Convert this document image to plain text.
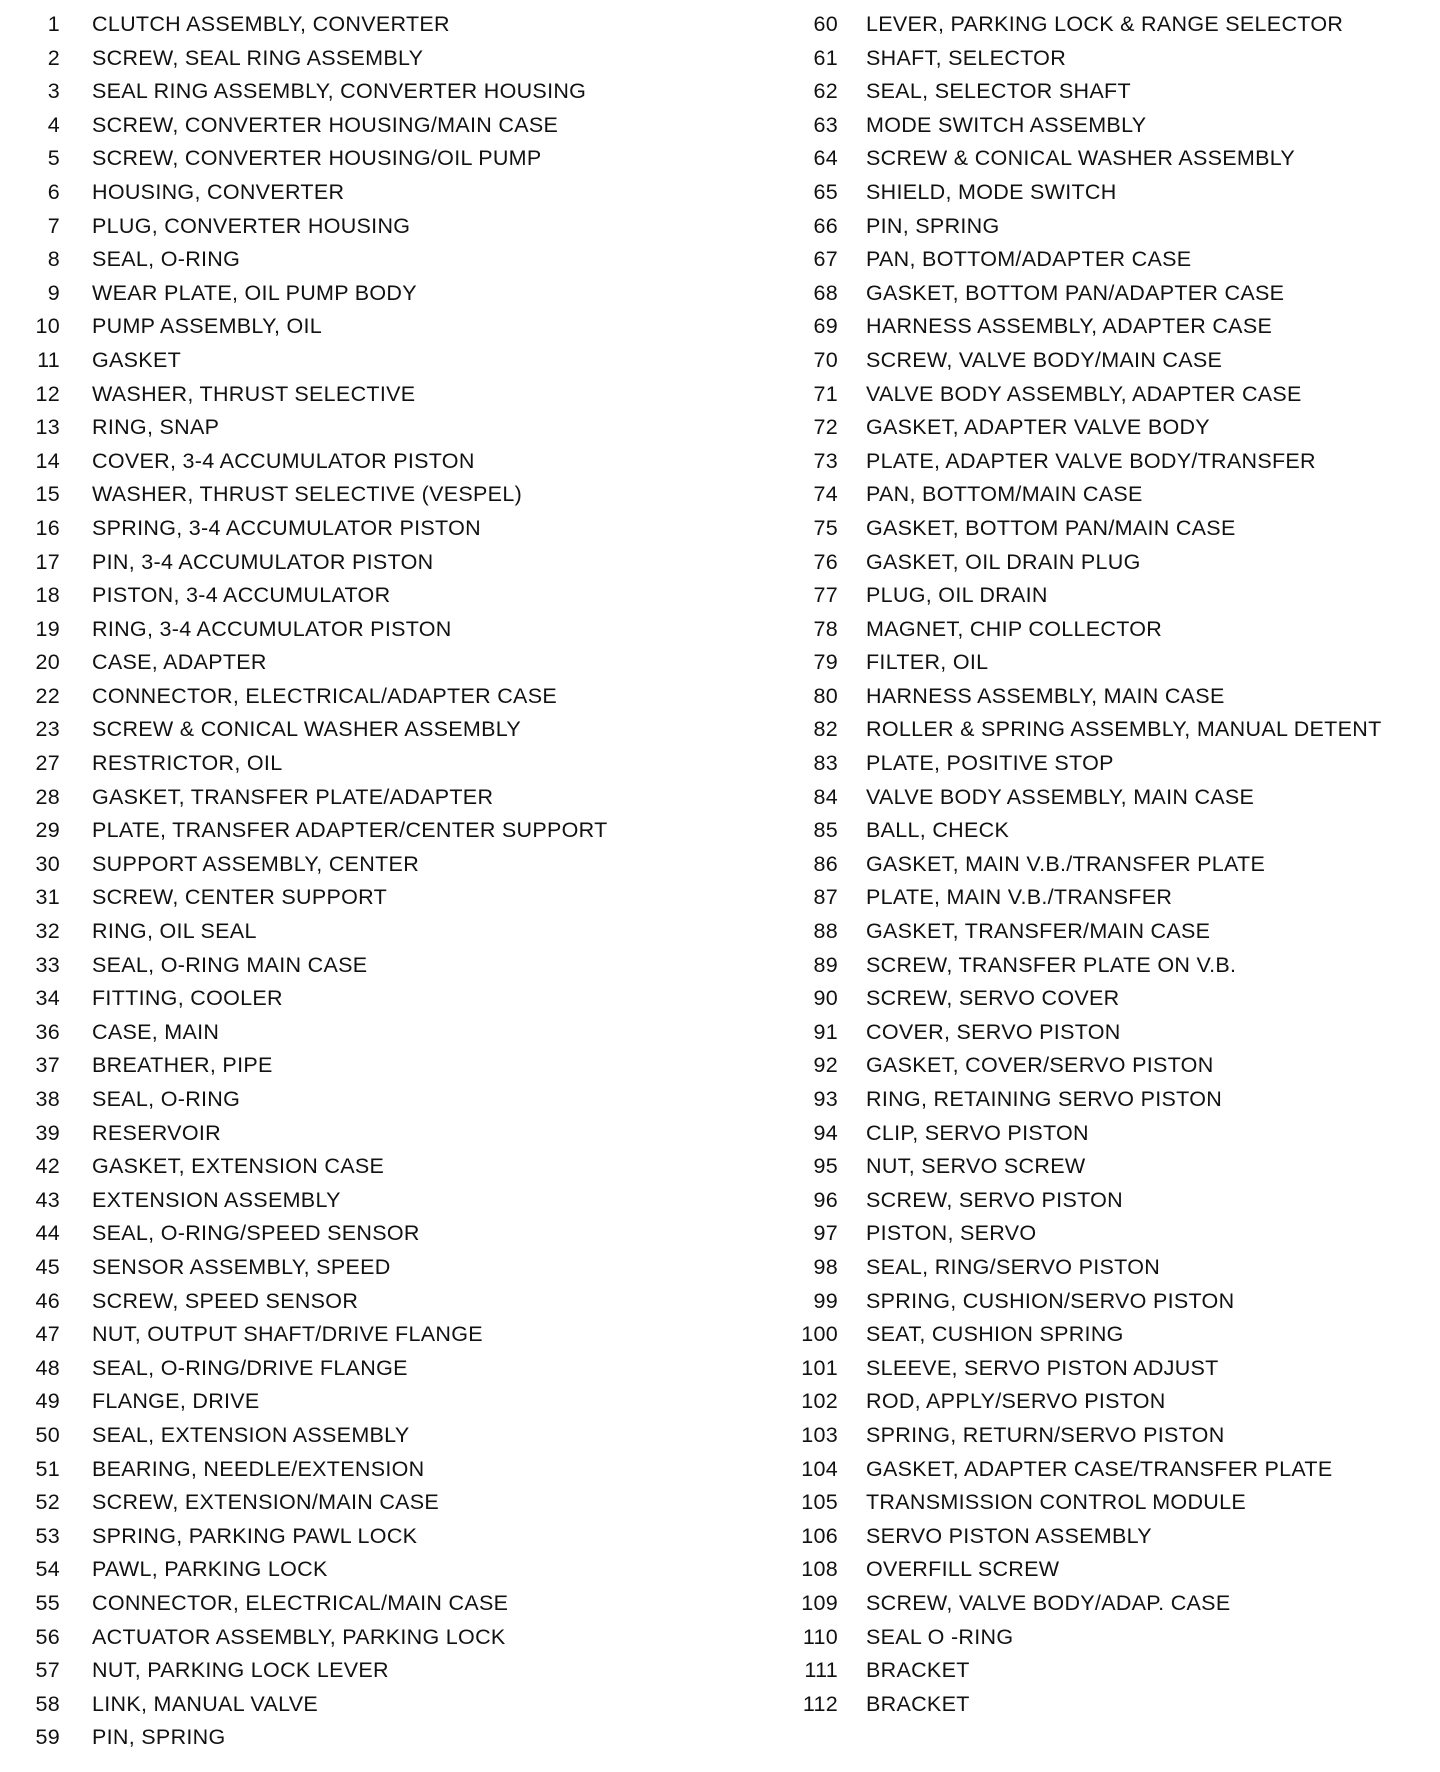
1 CLUTCH ASSEMBLY, CONVERTER
2 SCREW, SEAL RING ASSEMBLY
3 SEAL RING ASSEMBLY, CONVERTER HOUSING
4 SCREW, CONVERTER HOUSING/MAIN CASE
5 SCREW, CONVERTER HOUSING/OIL PUMP
6 HOUSING, CONVERTER
7 PLUG, CONVERTER HOUSING
8 SEAL, O-RING
9 WEAR PLATE, OIL PUMP BODY
10 PUMP ASSEMBLY, OIL
11 GASKET
12 WASHER, THRUST SELECTIVE
13 RING, SNAP
14 COVER, 3-4 ACCUMULATOR PISTON
15 WASHER, THRUST SELECTIVE (VESPEL)
16 SPRING, 3-4 ACCUMULATOR PISTON
17 PIN, 3-4 ACCUMULATOR PISTON
18 PISTON, 3-4 ACCUMULATOR
19 RING, 3-4 ACCUMULATOR PISTON
20 CASE, ADAPTER
22 CONNECTOR, ELECTRICAL/ADAPTER CASE
23 SCREW & CONICAL WASHER ASSEMBLY
27 RESTRICTOR, OIL
28 GASKET, TRANSFER PLATE/ADAPTER
29 PLATE, TRANSFER ADAPTER/CENTER SUPPORT
30 SUPPORT ASSEMBLY, CENTER
31 SCREW, CENTER SUPPORT
32 RING, OIL SEAL
33 SEAL, O-RING MAIN CASE
34 FITTING, COOLER
36 CASE, MAIN
37 BREATHER, PIPE
38 SEAL, O-RING
39 RESERVOIR
42 GASKET, EXTENSION CASE
43 EXTENSION ASSEMBLY
44 SEAL, O-RING/SPEED SENSOR
45 SENSOR ASSEMBLY, SPEED
46 SCREW, SPEED SENSOR
47 NUT, OUTPUT SHAFT/DRIVE FLANGE
48 SEAL, O-RING/DRIVE FLANGE
49 FLANGE, DRIVE
50 SEAL, EXTENSION ASSEMBLY
51 BEARING, NEEDLE/EXTENSION
52 SCREW, EXTENSION/MAIN CASE
53 SPRING, PARKING PAWL LOCK
54 PAWL, PARKING LOCK
55 CONNECTOR, ELECTRICAL/MAIN CASE
56 ACTUATOR ASSEMBLY, PARKING LOCK
57 NUT, PARKING LOCK LEVER
58 LINK, MANUAL VALVE
59 PIN, SPRING
60 LEVER, PARKING LOCK & RANGE SELECTOR
61 SHAFT, SELECTOR
62 SEAL, SELECTOR SHAFT
63 MODE SWITCH ASSEMBLY
64 SCREW & CONICAL WASHER ASSEMBLY
65 SHIELD, MODE SWITCH
66 PIN, SPRING
67 PAN, BOTTOM/ADAPTER CASE
68 GASKET, BOTTOM PAN/ADAPTER CASE
69 HARNESS ASSEMBLY, ADAPTER CASE
70 SCREW, VALVE BODY/MAIN CASE
71 VALVE BODY ASSEMBLY, ADAPTER CASE
72 GASKET, ADAPTER VALVE BODY
73 PLATE, ADAPTER VALVE BODY/TRANSFER
74 PAN, BOTTOM/MAIN CASE
75 GASKET, BOTTOM PAN/MAIN CASE
76 GASKET, OIL DRAIN PLUG
77 PLUG, OIL DRAIN
78 MAGNET, CHIP COLLECTOR
79 FILTER, OIL
80 HARNESS ASSEMBLY, MAIN CASE
82 ROLLER & SPRING ASSEMBLY, MANUAL DETENT
83 PLATE, POSITIVE STOP
84 VALVE BODY ASSEMBLY, MAIN CASE
85 BALL, CHECK
86 GASKET, MAIN V.B./TRANSFER PLATE
87 PLATE, MAIN V.B./TRANSFER
88 GASKET, TRANSFER/MAIN CASE
89 SCREW, TRANSFER PLATE ON V.B.
90 SCREW, SERVO COVER
91 COVER, SERVO PISTON
92 GASKET, COVER/SERVO PISTON
93 RING, RETAINING SERVO PISTON
94 CLIP, SERVO PISTON
95 NUT, SERVO SCREW
96 SCREW, SERVO PISTON
97 PISTON, SERVO
98 SEAL, RING/SERVO PISTON
99 SPRING, CUSHION/SERVO PISTON
100 SEAT, CUSHION SPRING
101 SLEEVE, SERVO PISTON ADJUST
102 ROD, APPLY/SERVO PISTON
103 SPRING, RETURN/SERVO PISTON
104 GASKET, ADAPTER CASE/TRANSFER PLATE
105 TRANSMISSION CONTROL MODULE
106 SERVO PISTON ASSEMBLY
108 OVERFILL SCREW
109 SCREW, VALVE BODY/ADAP. CASE
110 SEAL O -RING
111 BRACKET
112 BRACKET
